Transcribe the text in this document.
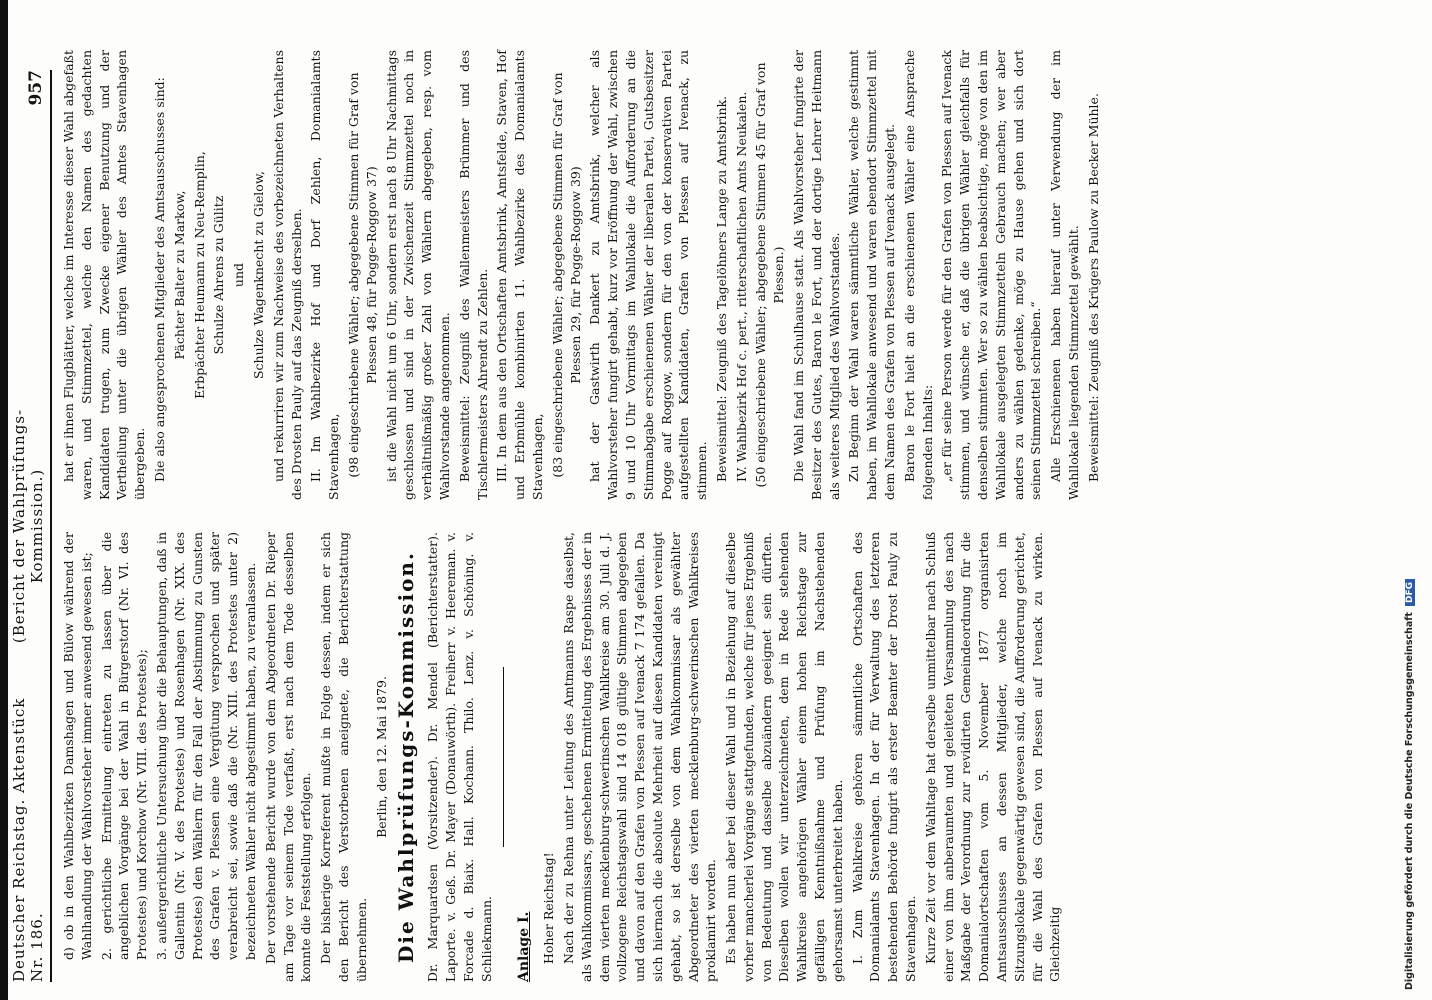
Deutscher Reichstag. Aktenstück Nr. 186.
(Bericht der Wahlprüfungs-Kommission.)
957

d) ob in den Wahlbezirken Damshagen und Bülow während der Wahlhandlung der Wahlvorsteher immer anwesend gewesen ist; 2. gerichtliche Ermittelung eintreten zu lassen über die angeblichen Vorgänge bei der Wahl in Bürgerstorf (Nr. VI. des Protestes) und Korchow (Nr. VIII. des Protestes); 3. außergerichtliche Untersuchung über die Behauptungen, daß in Gallentin (Nr. V. des Protestes) und Rosenhagen (Nr. XIX. des Protestes) den Wählern für den Fall der Abstimmung zu Gunsten des Grafen v. Plessen eine Vergütung versprochen und später verabreicht sei, sowie daß die (Nr. XIII. des Protestes unter 2) bezeichneten Wähler nicht abgestimmt haben, zu veranlassen. Der vorstehende Bericht wurde von dem Abgeordneten Dr. Rieper am Tage vor seinem Tode verfaßt, erst nach dem Tode desselben konnte die Feststellung erfolgen. Der bisherige Korreferent mußte in Folge dessen, indem er sich den Bericht des Verstorbenen aneignete, die Berichterstattung übernehmen.

Berlin, den 12. Mai 1879. Die Wahlprüfungs-Kommission. Dr. Marquardsen (Vorsitzender). Dr. Mendel (Berichterstatter). Laporte. v. Geß. Dr. Mayer (Donauwörth). Freiherr v. Heereman. v. Forcade d. Biaix. Hall. Kochann. Thilo. Lenz. v. Schöning. v. Schliekmann. Anlage I. Hoher Reichstag! Nach der zu Rehna unter Leitung des Amtmanns Raspe daselbst, als Wahlkommissars, geschehenen Ermittelung des Ergebnisses der in dem vierten mecklenburg-schwerinschen Wahlkreise am 30. Juli d. J. vollzogene Reichstagswahl sind 14 018 gültige Stimmen abgegeben und davon auf den Grafen von Plessen auf Ivenack 7 174 gefallen. Da sich hiernach die absolute Mehrheit auf diesen Kandidaten vereinigt gehabt, so ist derselbe von dem Wahlkommissar als gewählter Abgeordneter des vierten mecklenburg-schwerinschen Wahlkreises proklamirt worden. Es haben nun aber bei dieser Wahl und in Beziehung auf dieselbe vorher mancherlei Vorgänge stattgefunden, welche für jenes Ergebniß von Bedeutung und dasselbe abzuändern geeignet sein dürften. Dieselben wollen wir unterzeichneten, dem in Rede stehenden Wahlkreise angehörigen Wähler einem hohen Reichstage zur gefälligen Kenntnißnahme und Prüfung im Nachstehenden gehorsamst unterbreitet haben. I. Zum Wahlkreise gehören sämmtliche Ortschaften des Domanialamts Stavenhagen. In der für Verwaltung des letzteren bestehenden Behörde fungirt als erster Beamter der Drost Pauly zu Stavenhagen. Kurze Zeit vor dem Wahltage hat derselbe unmittelbar nach Schluß einer von ihm anberaumten und geleiteten Versammlung des nach Maßgabe der Verordnung zur revidirten Gemeindeordnung für die Domanialortschaften vom 5. November 1877 organisirten Amtsausschusses an dessen Mitglieder, welche noch im Sitzungslokale gegenwärtig gewesen sind, die Aufforderung gerichtet, für die Wahl des Grafen von Plessen auf Ivenack zu wirken. Gleichzeitig

hat er ihnen Flugblätter, welche im Interesse dieser Wahl abgefaßt waren, und Stimmzettel, welche den Namen des gedachten Kandidaten trugen, zum Zwecke eigener Benutzung und der Vertheilung unter die übrigen Wähler des Amtes Stavenhagen übergeben. Die also angesprochenen Mitglieder des Amtsausschusses sind: Pächter Balter zu Markow, Erbpächter Heumann zu Neu-Remplin, Schulze Ahrens zu Gülitz und Schulze Wagenknecht zu Gielow, und rekurriren wir zum Nachweise des vorbezeichneten Verhaltens des Drosten Pauly auf das Zeugniß derselben. II. Im Wahlbezirke Hof und Dorf Zehlen, Domanialamts Stavenhagen, (98 eingeschriebene Wähler; abgegebene Stimmen für Graf von Plessen 48, für Pogge-Roggow 37) ist die Wahl nicht um 6 Uhr, sondern erst nach 8 Uhr Nachmittags geschlossen und sind in der Zwischenzeit Stimmzettel noch in verhältnißmäßig großer Zahl von Wählern abgegeben, resp. vom Wahlvorstande angenommen. Beweismittel: Zeugniß des Wallenmeisters Brümmer und des Tischlermeisters Ahrendt zu Zehlen. III. In dem aus den Ortschaften Amtsbrink, Amtsfelde, Staven, Hof und Erbmühle kombinirten 11. Wahlbezirke des Domanialamts Stavenhagen, (83 eingeschriebene Wähler; abgegebene Stimmen für Graf von Plessen 29, für Pogge-Roggow 39) hat der Gastwirth Dankert zu Amtsbrink, welcher als Wahlvorsteher fungirt gehabt, kurz vor Eröffnung der Wahl, zwischen 9 und 10 Uhr Vormittags im Wahllokale die Aufforderung an die Stimmabgabe erschienenen Wähler der liberalen Partei, Gutsbesitzer Pogge auf Roggow, sondern für den von der konservativen Partei aufgestellten Kandidaten, Grafen von Plessen auf Ivenack, zu stimmen. Beweismittel: Zeugniß des Tagelöhners Lange zu Amtsbrink. IV. Wahlbezirk Hof c. pert., ritterschaftlichen Amts Neukalen. (50 eingeschriebene Wähler; abgegebene Stimmen 45 für Graf von Plessen.) Die Wahl fand im Schulhause statt. Als Wahlvorsteher fungirte der Besitzer des Gutes, Baron le Fort, und der dortige Lehrer Heitmann als weiteres Mitglied des Wahlvorstandes. Zu Beginn der Wahl waren sämmtliche Wähler, welche gestimmt haben, im Wahllokale anwesend und waren ebendort Stimmzettel mit dem Namen des Grafen von Plessen auf Ivenack ausgelegt. Baron le Fort hielt an die erschienenen Wähler eine Ansprache folgenden Inhalts: „er für seine Person werde für den Grafen von Plessen auf Ivenack stimmen, und wünsche er, daß die übrigen Wähler gleichfalls für denselben stimmten. Wer so zu wählen beabsichtige, möge von den im Wahllokale ausgelegten Stimmzetteln Gebrauch machen; wer aber anders zu wählen gedenke, möge zu Hause gehen und sich dort seinen Stimmzettel schreiben.“ Alle Erschienenen haben hierauf unter Verwendung der im Wahllokale liegenden Stimmzettel gewählt. Beweismittel: Zeugniß des Krügers Paulow zu Becker Mühle.

Digitalisierung gefördert durch die Deutsche ForschungsgemeinschaftDFG
